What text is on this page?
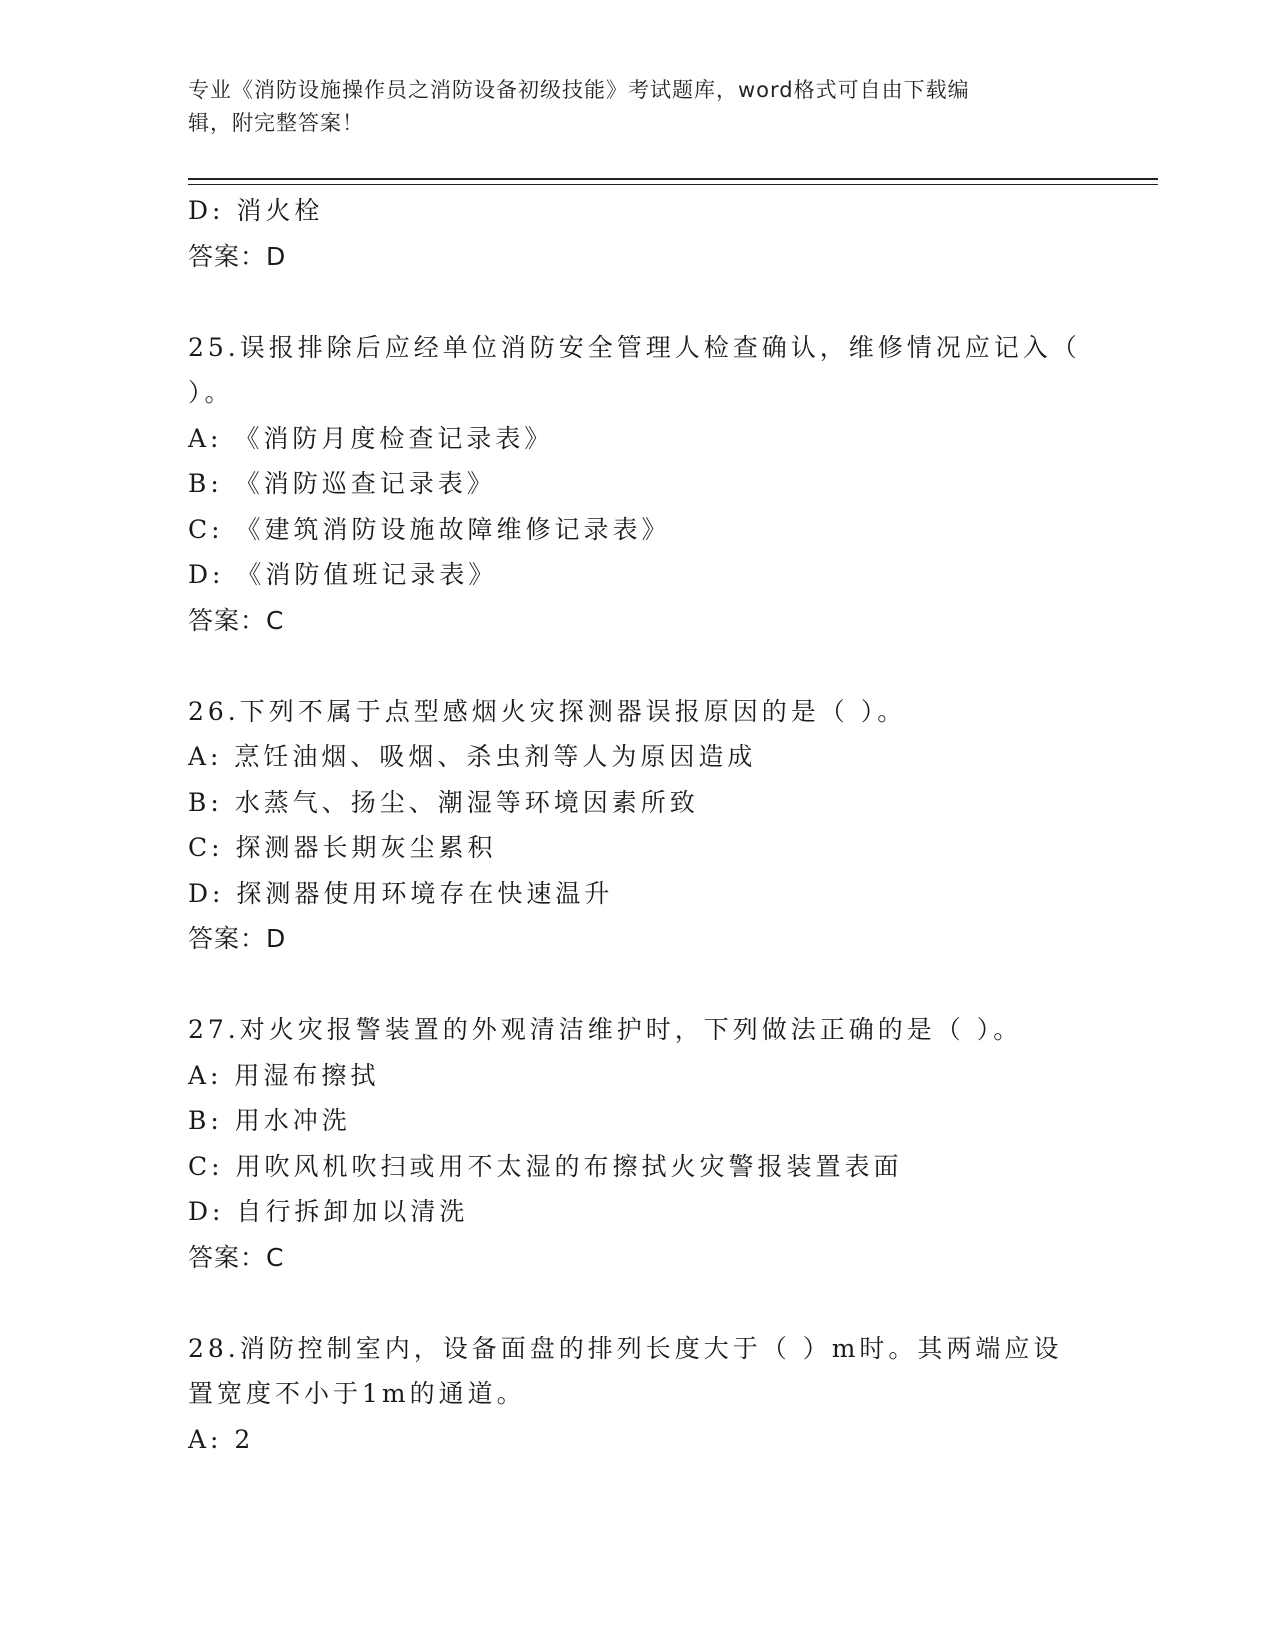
专业《消防设施操作员之消防设备初级技能》考试题库，word格式可自由下载编
辑，附完整答案！
D: 消火栓
答案：D
25.误报排除后应经单位消防安全管理人检查确认，维修情况应记入（ ）。
A: 《消防月度检查记录表》
B: 《消防巡查记录表》
C: 《建筑消防设施故障维修记录表》
D: 《消防值班记录表》
答案：C
26.下列不属于点型感烟火灾探测器误报原因的是（ ）。
A: 烹饪油烟、吸烟、杀虫剂等人为原因造成
B: 水蒸气、扬尘、潮湿等环境因素所致
C: 探测器长期灰尘累积
D: 探测器使用环境存在快速温升
答案：D
27.对火灾报警装置的外观清洁维护时，下列做法正确的是（ ）。
A: 用湿布擦拭
B: 用水冲洗
C: 用吹风机吹扫或用不太湿的布擦拭火灾警报装置表面
D: 自行拆卸加以清洗
答案：C
28.消防控制室内，设备面盘的排列长度大于（ ）m时。其两端应设置宽度不小于1m的通道。
A: 2
